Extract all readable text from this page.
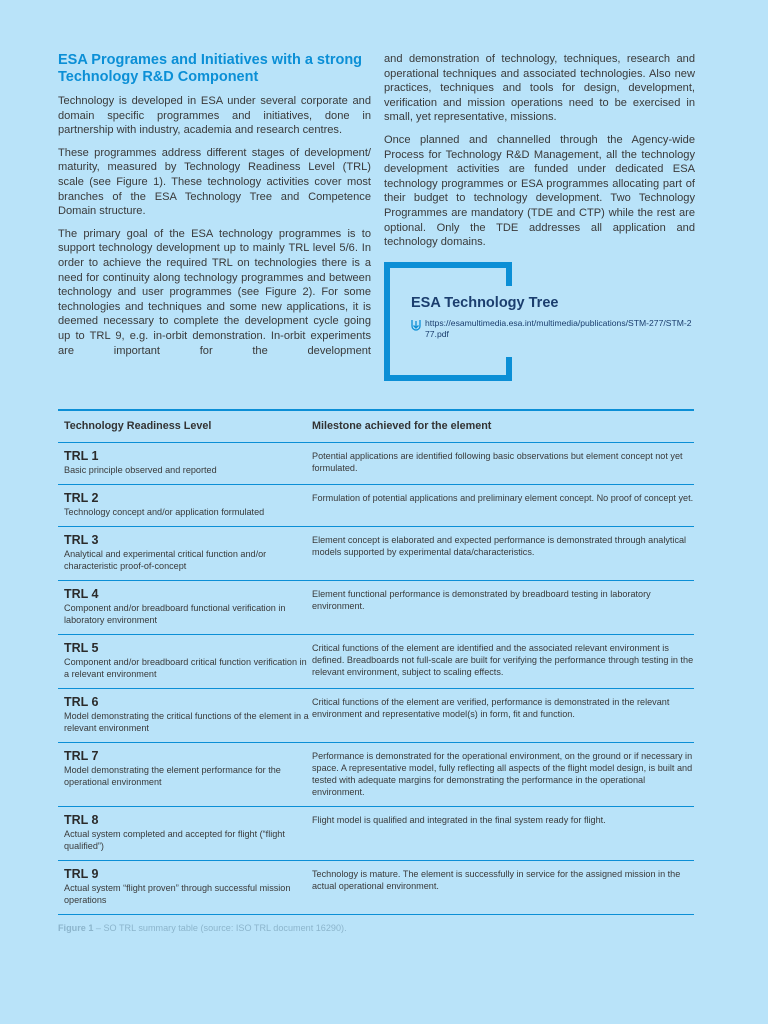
ESA Programes and Initiatives with a strong Technology R&D Component

Technology is developed in ESA under several corporate and domain specific programmes and initiatives, done in partnership with industry, academia and research centres.

These programmes address different stages of development/ maturity, measured by Technology Readiness Level (TRL) scale (see Figure 1). These technology activities cover most branches of the ESA Technology Tree and Competence Domain structure.

The primary goal of the ESA technology programmes is to support technology development up to mainly TRL level 5/6. In order to achieve the required TRL on technologies there is a need for continuity along technology programmes and between technology and user programmes (see Figure 2). For some technologies and techniques and some new applications, it is deemed necessary to complete the development cycle going up to TRL 9, e.g. in-orbit demonstration. In-orbit experiments are important for the development

and demonstration of technology, techniques, research and operational techniques and associated technologies. Also new practices, techniques and tools for design, development, verification and mission operations need to be exercised in small, yet representative, missions.

Once planned and channelled through the Agency-wide Process for Technology R&D Management, all the technology development activities are funded under dedicated ESA technology programmes or ESA programmes allocating part of their budget to technology development. Two Technology Programmes are mandatory (TDE and CTP) while the rest are optional. Only the TDE addresses all application and technology domains.

ESA Technology Tree
https://esamultimedia.esa.int/multimedia/publications/STM-277/STM-277.pdf
Technology Readiness Level	Milestone achieved for the element
TRL 1
Basic principle observed and reported
Potential applications are identified following basic observations but element concept not yet formulated.
TRL 2
Technology concept and/or application formulated
Formulation of potential applications and preliminary element concept. No proof of concept yet.
TRL 3
Analytical and experimental critical function and/or characteristic proof-of-concept
Element concept is elaborated and expected performance is demonstrated through analytical models supported by experimental data/characteristics.
TRL 4
Component and/or breadboard functional verification in laboratory environment
Element functional performance is demonstrated by breadboard testing in laboratory environment.
TRL 5
Component and/or breadboard critical function verification in a relevant environment
Critical functions of the element are identified and the associated relevant environment is defined. Breadboards not full-scale are built for verifying the performance through testing in the relevant environment, subject to scaling effects.
TRL 6
Model demonstrating the critical functions of the element in a relevant environment
Critical functions of the element are verified, performance is demonstrated in the relevant environment and representative model(s) in form, fit and function.
TRL 7
Model demonstrating the element performance for the operational environment
Performance is demonstrated for the operational environment, on the ground or if necessary in space. A representative model, fully reflecting all aspects of the flight model design, is built and tested with adequate margins for demonstrating the performance in the operational environment.
TRL 8
Actual system completed and accepted for flight (“flight qualified”)
Flight model is qualified and integrated in the final system ready for flight.
TRL 9
Actual system “flight proven” through successful mission operations
Technology is mature. The element is successfully in service for the assigned mission in the actual operational environment.
Figure 1 – SO TRL summary table (source: ISO TRL document 16290).
